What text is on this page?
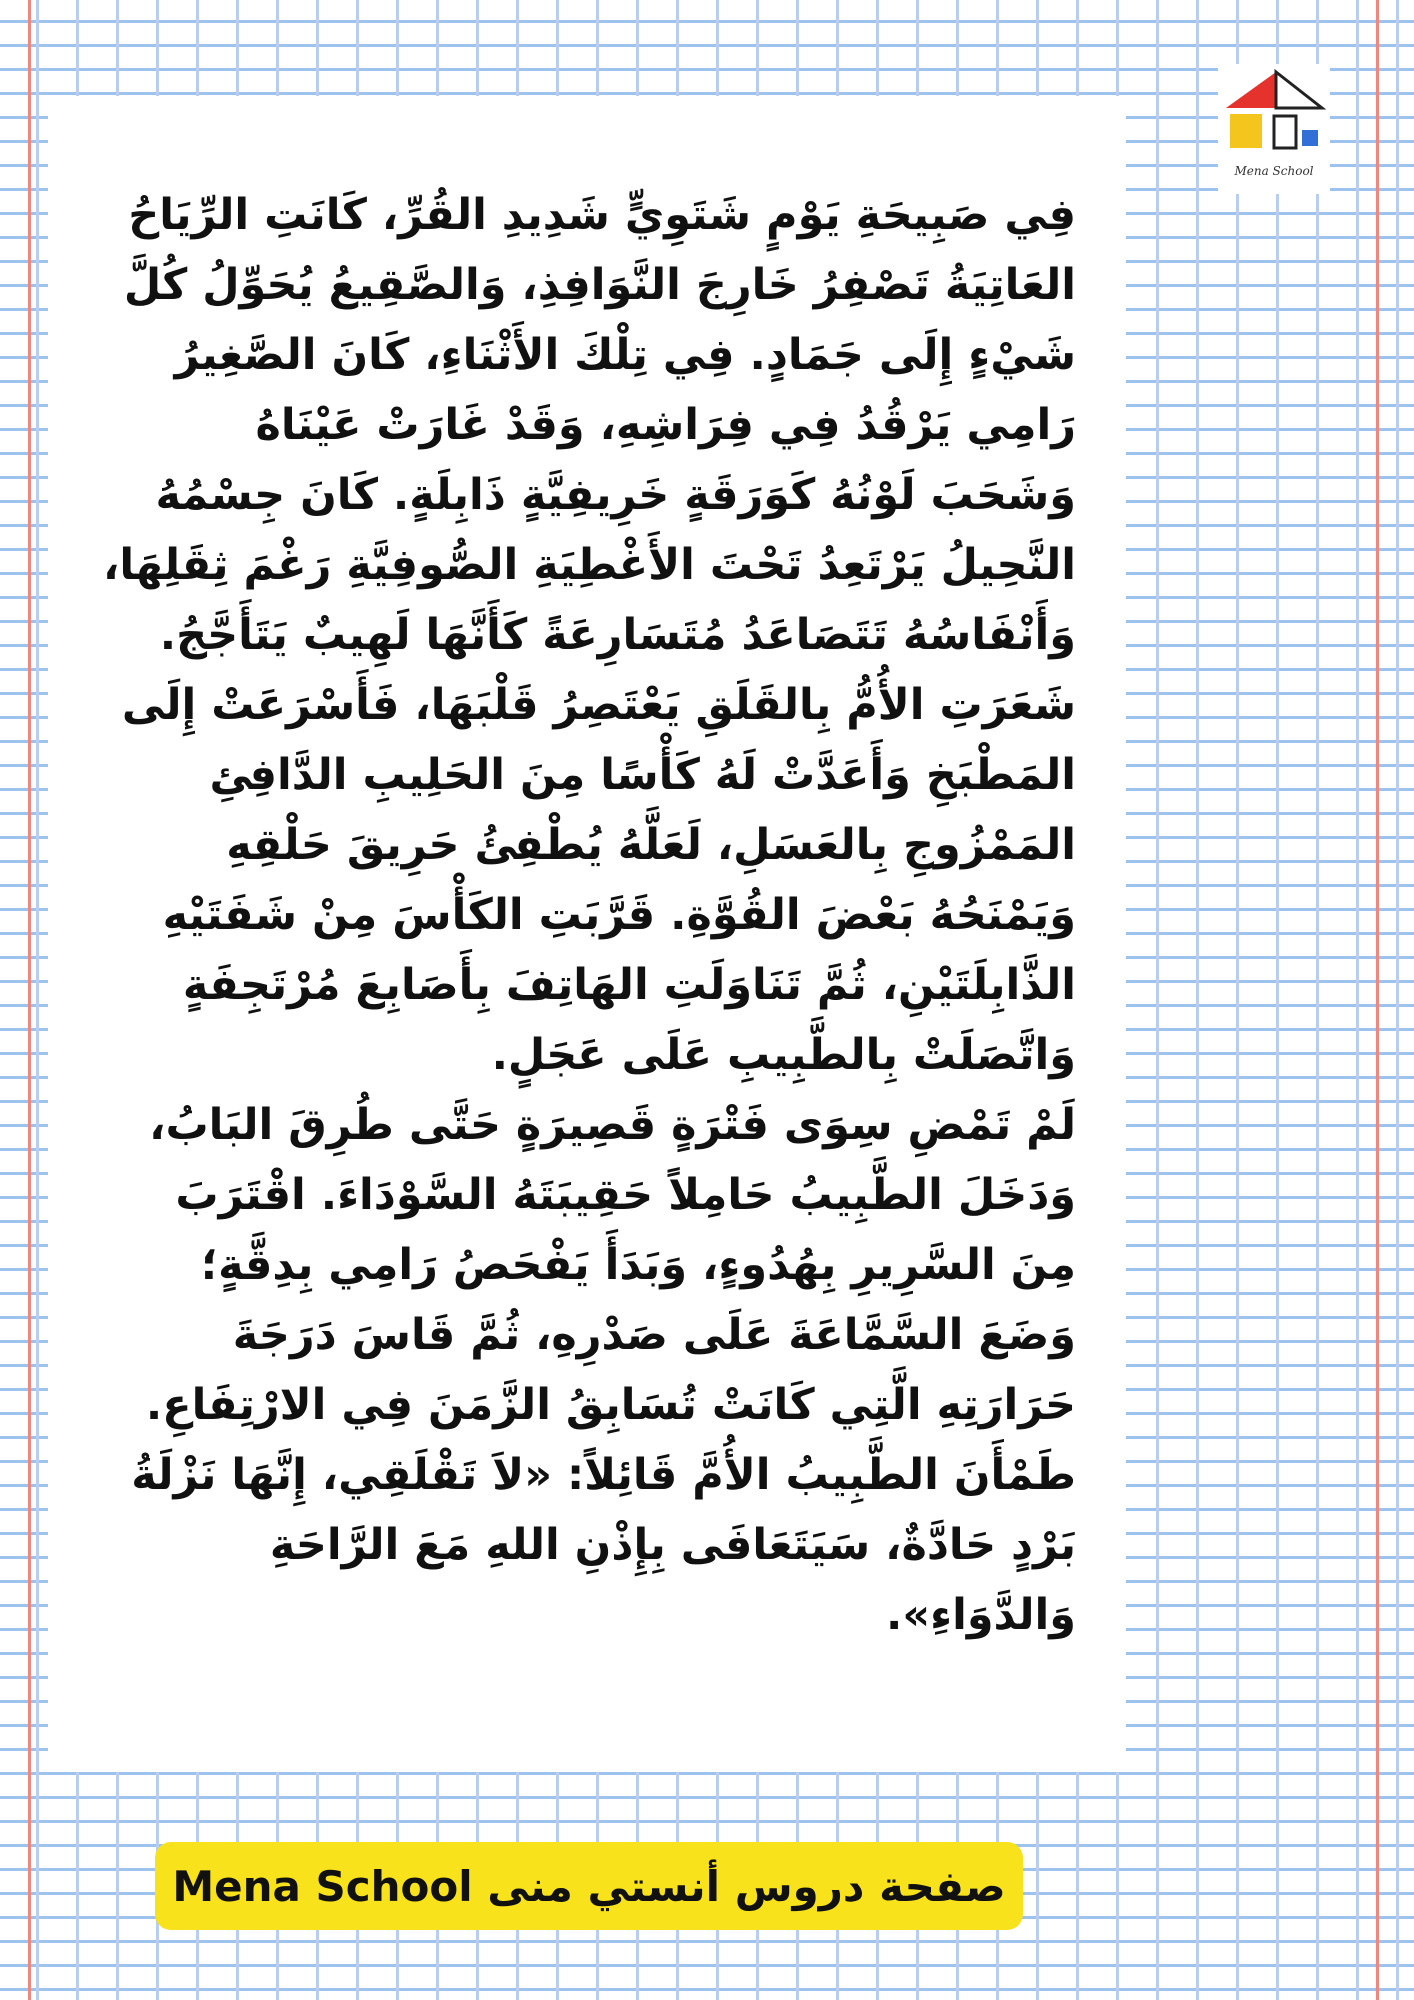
Mena School

فِي صَبِيحَةِ يَوْمٍ شَتَوِيٍّ شَدِيدِ القُرِّ، كَانَتِ الرِّيَاحُ العَاتِيَةُ تَصْفِرُ خَارِجَ النَّوَافِذِ، وَالصَّقِيعُ يُحَوِّلُ كُلَّ شَيْءٍ إِلَى جَمَادٍ. فِي تِلْكَ الأَثْنَاءِ، كَانَ الصَّغِيرُ رَامِي يَرْقُدُ فِي فِرَاشِهِ، وَقَدْ غَارَتْ عَيْنَاهُ وَشَحَبَ لَوْنُهُ كَوَرَقَةٍ خَرِيفِيَّةٍ ذَابِلَةٍ. كَانَ جِسْمُهُ النَّحِيلُ يَرْتَعِدُ تَحْتَ الأَغْطِيَةِ الصُّوفِيَّةِ رَغْمَ ثِقَلِهَا، وَأَنْفَاسُهُ تَتَصَاعَدُ مُتَسَارِعَةً كَأَنَّهَا لَهِيبٌ يَتَأَجَّجُ.

شَعَرَتِ الأُمُّ بِالقَلَقِ يَعْتَصِرُ قَلْبَهَا، فَأَسْرَعَتْ إِلَى المَطْبَخِ وَأَعَدَّتْ لَهُ كَأْسًا مِنَ الحَلِيبِ الدَّافِئِ المَمْزُوجِ بِالعَسَلِ، لَعَلَّهُ يُطْفِئُ حَرِيقَ حَلْقِهِ وَيَمْنَحُهُ بَعْضَ القُوَّةِ. قَرَّبَتِ الكَأْسَ مِنْ شَفَتَيْهِ الذَّابِلَتَيْنِ، ثُمَّ تَنَاوَلَتِ الهَاتِفَ بِأَصَابِعَ مُرْتَجِفَةٍ وَاتَّصَلَتْ بِالطَّبِيبِ عَلَى عَجَلٍ.

لَمْ تَمْضِ سِوَى فَتْرَةٍ قَصِيرَةٍ حَتَّى طُرِقَ البَابُ، وَدَخَلَ الطَّبِيبُ حَامِلاً حَقِيبَتَهُ السَّوْدَاءَ. اقْتَرَبَ مِنَ السَّرِيرِ بِهُدُوءٍ، وَبَدَأَ يَفْحَصُ رَامِي بِدِقَّةٍ؛ وَضَعَ السَّمَّاعَةَ عَلَى صَدْرِهِ، ثُمَّ قَاسَ دَرَجَةَ حَرَارَتِهِ الَّتِي كَانَتْ تُسَابِقُ الزَّمَنَ فِي الارْتِفَاعِ. طَمْأَنَ الطَّبِيبُ الأُمَّ قَائِلاً: «لاَ تَقْلَقِي، إِنَّهَا نَزْلَةُ بَرْدٍ حَادَّةٌ، سَيَتَعَافَى بِإِذْنِ اللهِ مَعَ الرَّاحَةِ وَالدَّوَاءِ».

صفحة دروس أنستي منى Mena School
